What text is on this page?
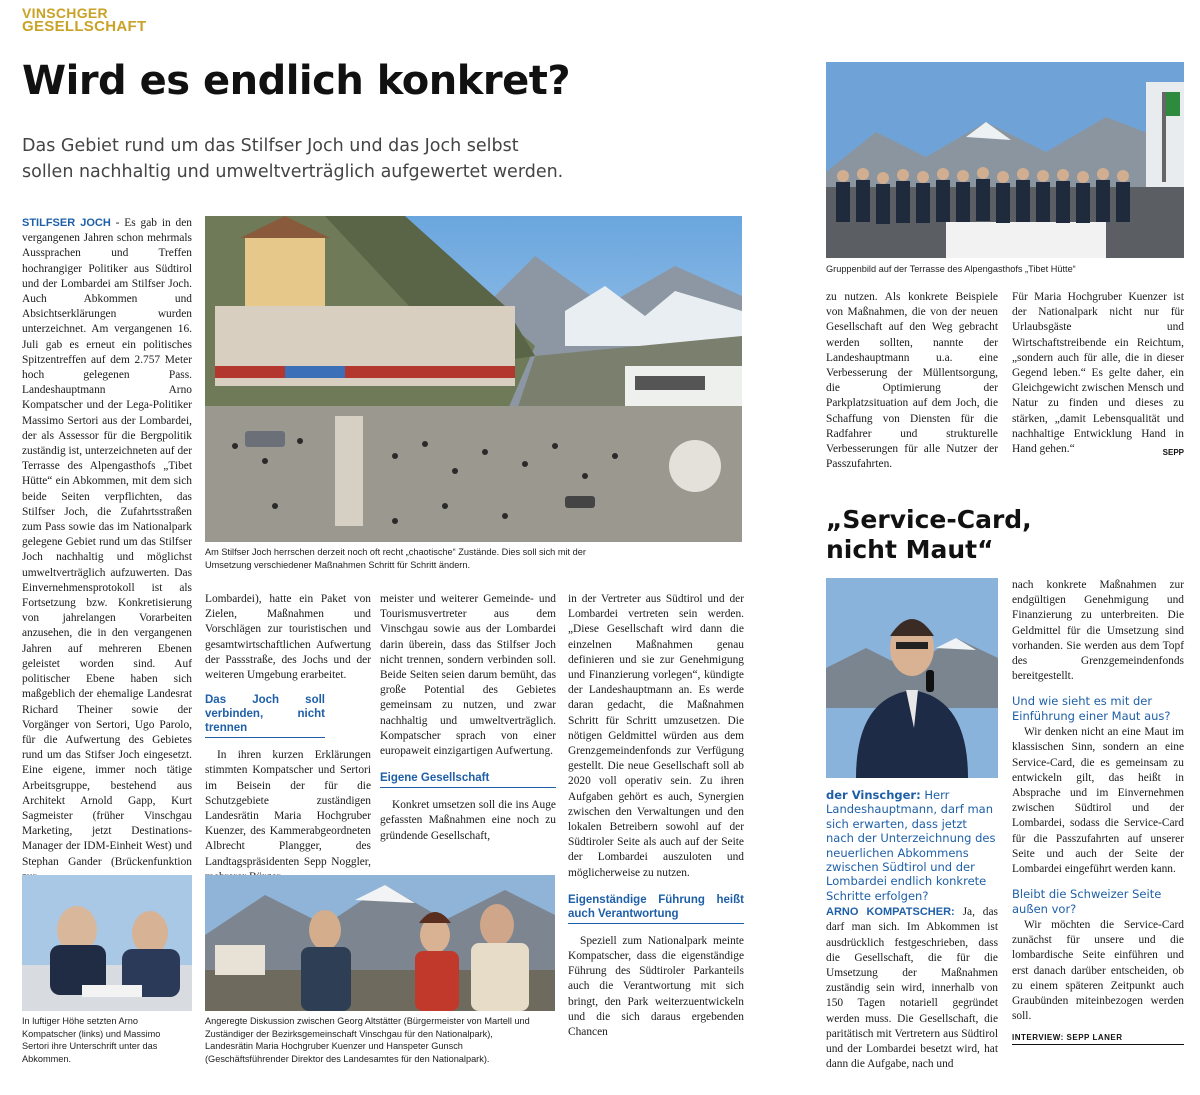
VINSCHGER
GESELLSCHAFT
Wird es endlich konkret?
Das Gebiet rund um das Stilfser Joch und das Joch selbst
sollen nachhaltig und umweltverträglich aufgewertet werden.
STILFSER JOCH - Es gab in den vergangenen Jahren schon mehrmals Aussprachen und Treffen hochrangiger Politiker aus Südtirol und der Lombardei am Stilfser Joch. Auch Abkommen und Absichtserklärungen wurden unterzeichnet. Am vergangenen 16. Juli gab es erneut ein politisches Spitzentreffen auf dem 2.757 Meter hoch gelegenen Pass. Landeshauptmann Arno Kompatscher und der Lega-Politiker Massimo Sertori aus der Lombardei, der als Assessor für die Bergpolitik zuständig ist, unterzeichneten auf der Terrasse des Alpengasthofs „Tibet Hütte“ ein Abkommen, mit dem sich beide Seiten verpflichten, das Stilfser Joch, die Zufahrtsstraßen zum Pass sowie das im Nationalpark gelegene Gebiet rund um das Stilfser Joch nachhaltig und möglichst umweltverträglich aufzuwerten. Das Einvernehmensprotokoll ist als Fortsetzung bzw. Konkretisierung von jahrelangen Vorarbeiten anzusehen, die in den vergangenen Jahren auf mehreren Ebenen geleistet worden sind. Auf politischer Ebene haben sich maßgeblich der ehemalige Landesrat Richard Theiner sowie der Vorgänger von Sertori, Ugo Parolo, für die Aufwertung des Gebietes rund um das Stifser Joch eingesetzt. Eine eigene, immer noch tätige Arbeitsgruppe, bestehend aus Architekt Arnold Gapp, Kurt Sagmeister (früher Vinschgau Marketing, jetzt Destinations-Manager der IDM-Einheit West) und Stephan Gander (Brückenfunktion
Am Stilfser Joch herrschen derzeit noch oft recht „chaotische“ Zustände. Dies soll sich mit der Umsetzung verschiedener Maßnahmen Schritt für Schritt ändern.

Lombardei), hatte ein Paket von Zielen, Maßnahmen und Vorschlägen zur touristischen und gesamtwirtschaftlichen Aufwertung der Passstraße, des Jochs und der weiteren Umgebung erarbeitet.

Das Joch soll verbinden, nicht trennen

In ihren kurzen Erklärungen stimmten Kompatscher und Sertori im Beisein der für die Schutzgebiete zuständigen Landesrätin Maria Hochgruber Kuenzer, des Kammerabgeordneten Albrecht Plangger, des Landtagspräsidenten Sepp Noggler,

meister und weiterer Gemeinde- und Tourismusvertreter aus dem Vinschgau sowie aus der Lombardei darin überein, dass das Stilfser Joch nicht trennen, sondern verbinden soll. Beide Seiten seien darum bemüht, das große Potential des Gebietes gemeinsam zu nutzen, und zwar nachhaltig und umweltverträglich. Kompatscher sprach von einer europaweit einzigartigen Aufwertung.

Eigene Gesellschaft

Konkret umsetzen soll die ins Auge gefassten Maßnahmen eine noch zu gründende Gesellschaft,

in der Vertreter aus Südtirol und der Lombardei vertreten sein werden. „Diese Gesellschaft wird dann die einzelnen Maßnahmen genau definieren und sie zur Genehmigung und Finanzierung vorlegen“, kündigte der Landeshauptmann an. Es werde daran gedacht, die Maßnahmen Schritt für Schritt umzusetzen. Die nötigen Geldmittel würden aus dem Grenzgemeindenfonds zur Verfügung gestellt. Die neue Gesellschaft soll ab 2020 voll operativ sein. Zu ihren Aufgaben gehört es auch, Synergien zwischen den Verwaltungen und den lokalen Betreibern sowohl auf der Südtiroler Seite als auch auf der Seite der Lombardei auszuloten und möglicherweise zu nutzen.

Eigenständige Führung heißt auch Verantwortung

Speziell zum Nationalpark meinte Kompatscher, dass die eigenständige Führung des Südtiroler Parkanteils auch die Verantwortung mit sich bringt, den Park weiterzuentwickeln und die sich daraus ergebenden Chancen

In luftiger Höhe setzten Arno Kompatscher (links) und Massimo Sertori ihre Unterschrift unter das Abkommen.
Angeregte Diskussion zwischen Georg Altstätter (Bürgermeister von Martell und Zuständiger der Bezirksgemeinschaft Vinschgau für den Nationalpark), Landesrätin Maria Hochgruber Kuenzer und Hanspeter Gunsch (Geschäftsführender Direktor des Landesamtes für den Nationalpark).
Gruppenbild auf der Terrasse des Alpengasthofs „Tibet Hütte“

zu nutzen. Als konkrete Beispiele von Maßnahmen, die von der neuen Gesellschaft auf den Weg gebracht werden sollten, nannte der Landeshauptmann u.a. eine Verbesserung der Müllentsorgung, die Optimierung der Parkplatzsituation auf dem Joch, die Schaffung von Diensten für die Radfahrer und strukturelle Verbesserungen für alle Nutzer der Passzufahrten.

Für Maria Hochgruber Kuenzer ist der Nationalpark nicht nur für Urlaubsgäste und Wirtschaftstreibende ein Reichtum, „sondern auch für alle, die in dieser Gegend leben.“ Es gelte daher, ein Gleichgewicht zwischen Mensch und Natur zu finden und dieses zu stärken, „damit Lebensqualität und nachhaltige Entwicklung Hand in Hand gehen.“	SEPP

„Service-Card,
nicht Maut“

der Vinschger: Herr Landeshauptmann, darf man sich erwarten, dass jetzt nach der Unterzeichnung des neuerlichen Abkommens zwischen Südtirol und der Lombardei endlich konkrete Schritte erfolgen?

ARNO KOMPATSCHER: Ja, das darf man sich. Im Abkommen ist ausdrücklich festgeschrieben, dass die Gesellschaft, die für die Umsetzung der Maßnahmen zuständig sein wird, innerhalb von 150 Tagen notariell gegründet werden muss. Die Gesellschaft, die paritätisch mit Vertretern aus Südtirol und der Lombardei besetzt wird, hat dann die Aufgabe, nach und

nach konkrete Maßnahmen zur endgültigen Genehmigung und Finanzierung zu unterbreiten. Die Geldmittel für die Umsetzung sind vorhanden. Sie werden aus dem Topf des Grenzgemeindenfonds bereitgestellt.

Und wie sieht es mit der Einführung einer Maut aus?

Wir denken nicht an eine Maut im klassischen Sinn, sondern an eine Service-Card, die es gemeinsam zu entwickeln gilt, das heißt in Absprache und im Einvernehmen zwischen Südtirol und der Lombardei, sodass die Service-Card für die Passzufahrten auf unserer Seite und auch der Seite der Lombardei eingeführt werden kann.

Bleibt die Schweizer Seite außen vor?

Wir möchten die Service-Card zunächst für unsere und die lombardische Seite einführen und erst danach darüber entscheiden, ob zu einem späteren Zeitpunkt auch Graubünden miteinbezogen werden soll.

INTERVIEW: SEPP LANER
